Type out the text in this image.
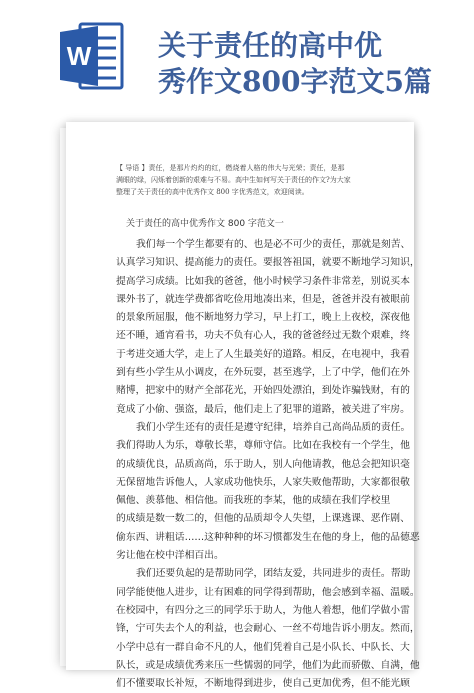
W 关于责任的高中优
秀作文800字范文5篇
【 导语 】责任，是那片灼灼的红，燃烧着人格的伟大与光荣；责任，是那
满眼的绿，闪烁着创新的艰难与不易。高中生如何写关于责任的作文?为大家
整理了关于责任的高中优秀作文 800 字优秀范文，欢迎阅读。
关于责任的高中优秀作文 800 字范文一
我们每一个学生都要有的、也是必不可少的责任，那就是刻苦、
认真学习知识、提高能力的责任。要报答祖国，就要不断地学习知识，
提高学习成绩。比如我的爸爸，他小时候学习条件非常差，别说买本
课外书了，就连学费都省吃俭用地凑出来，但是，爸爸并没有被眼前
的景象所屈服，他不断地努力学习，早上打工，晚上上夜校，深夜他
还不睡，通宵看书，功夫不负有心人，我的爸爸经过无数个艰难，终
于考进交通大学，走上了人生最美好的道路。相反，在电视中，我看
到有些小学生从小调皮，在外玩耍，甚至逃学，上了中学，他们在外
赌博，把家中的财产全部花光，开始四处漂泊，到处诈骗钱财，有的
竟成了小偷、强盗，最后，他们走上了犯罪的道路，被关进了牢房。
我们小学生还有的责任是遵守纪律，培养自己高尚品质的责任。
我们得助人为乐，尊敬长辈，尊师守信。比如在我校有一个学生，他
的成绩优良，品质高尚，乐于助人，别人向他请教，他总会把知识毫
无保留地告诉他人，人家成功他快乐，人家失败他帮助，大家都很敬
佩他、羡慕他、相信他。而我班的李某，他的成绩在我们学校里
的成绩是数一数二的，但他的品质却令人失望，上课逃课、恶作剧、
偷东西、讲粗话……这种种种的坏习惯都发生在他的身上，他的品德恶
劣让他在校中洋相百出。
我们还要负起的是帮助同学，团结友爱，共同进步的责任。帮助
同学能使他人进步，让有困难的同学得到帮助，他会感到幸福、温暖。
在校园中，有四分之三的同学乐于助人，为他人着想，他们学做小雷
锋，宁可失去个人的利益，也会耐心、一丝不苟地告诉小朋友。然而，
小学中总有一群自命不凡的人，他们凭着自己是小队长、中队长、大
队长，或是成绩优秀来压一些懦弱的同学，他们为此而骄傲、自满，他
们不懂要取长补短，不断地得到进步，使自己更加优秀，但不能光顾
